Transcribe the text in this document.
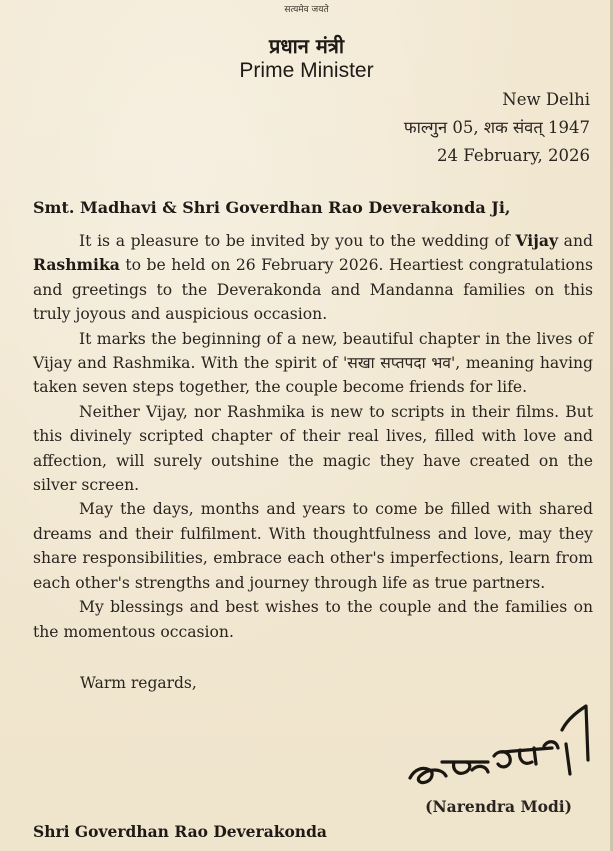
सत्यमेव जयते
प्रधान मंत्री
Prime Minister
New Delhi
फाल्गुन 05, शक संवत् 1947
24 February, 2026
Smt. Madhavi & Shri Goverdhan Rao Deverakonda Ji,

It is a pleasure to be invited by you to the wedding of Vijay and Rashmika to be held on 26 February 2026. Heartiest congratulations and greetings to the Deverakonda and Mandanna families on this truly joyous and auspicious occasion.

It marks the beginning of a new, beautiful chapter in the lives of Vijay and Rashmika. With the spirit of 'सखा सप्तपदा भव', meaning having taken seven steps together, the couple become friends for life.

Neither Vijay, nor Rashmika is new to scripts in their films. But this divinely scripted chapter of their real lives, filled with love and affection, will surely outshine the magic they have created on the silver screen.

May the days, months and years to come be filled with shared dreams and their fulfilment. With thoughtfulness and love, may they share responsibilities, embrace each other's imperfections, learn from each other's strengths and journey through life as true partners.

My blessings and best wishes to the couple and the families on the momentous occasion.

Warm regards,
(Narendra Modi)
Shri Goverdhan Rao Deverakonda
